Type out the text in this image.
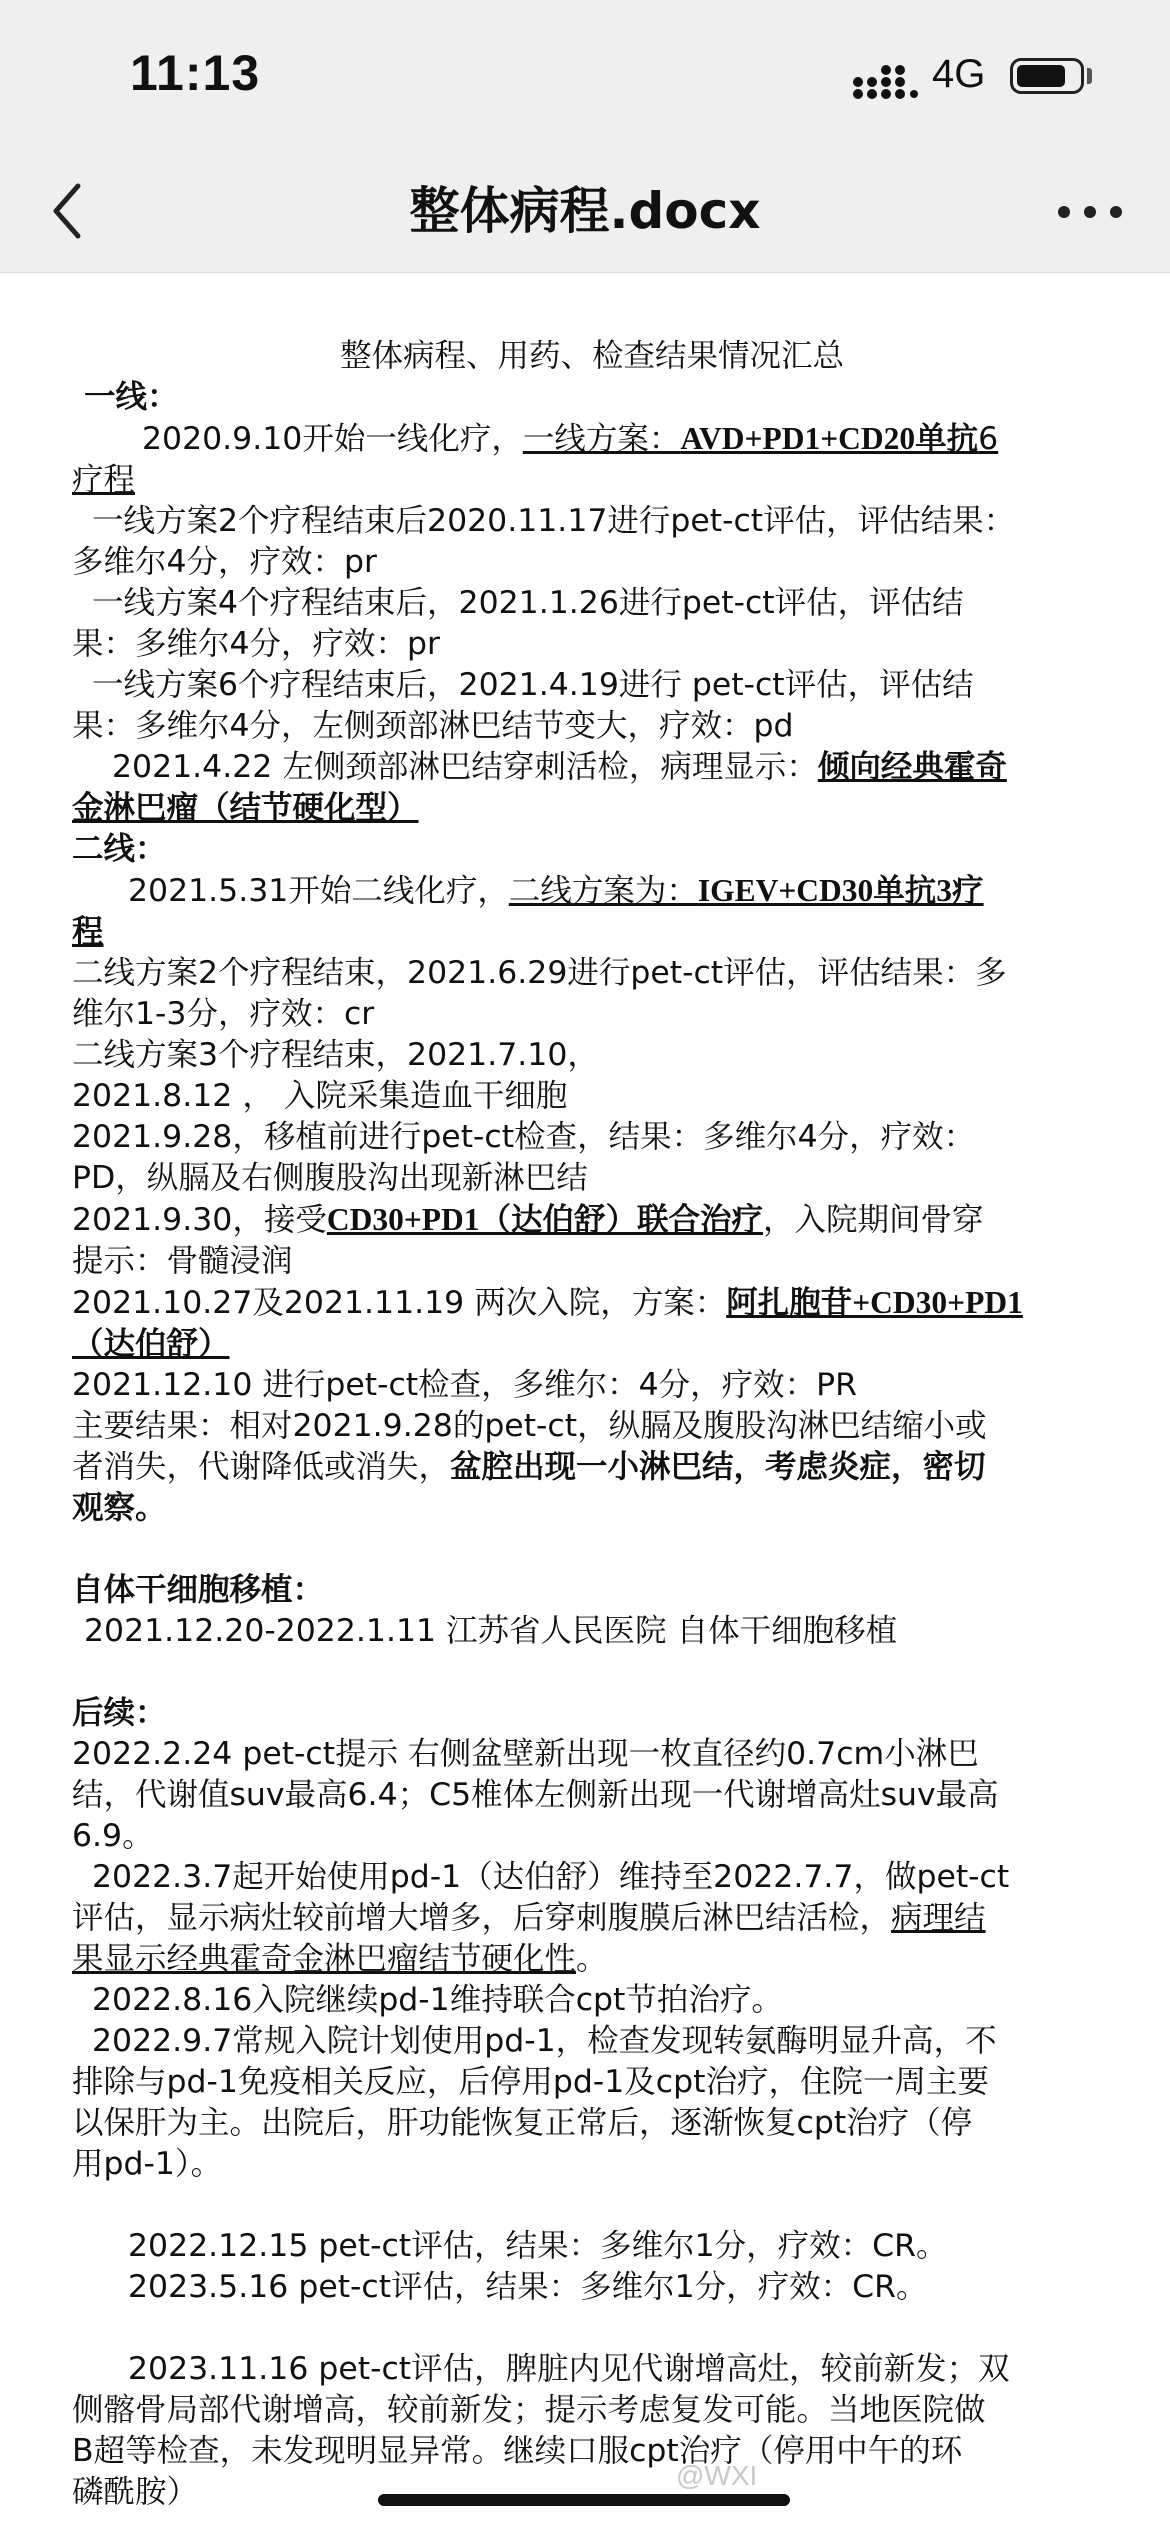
11:13	4G
整体病程.docx

整体病程、用药、检查结果情况汇总

一线：

2020.9.10开始一线化疗，一线方案：AVD+PD1+CD20单抗6

疗程

一线方案2个疗程结束后2020.11.17进行pet-ct评估，评估结果：

多维尔4分，疗效：pr

一线方案4个疗程结束后，2021.1.26进行pet-ct评估，评估结

果：多维尔4分，疗效：pr

一线方案6个疗程结束后，2021.4.19进行 pet-ct评估，评估结

果：多维尔4分，左侧颈部淋巴结节变大，疗效：pd

2021.4.22 左侧颈部淋巴结穿刺活检，病理显示：倾向经典霍奇

金淋巴瘤（结节硬化型）

二线：

2021.5.31开始二线化疗，二线方案为：IGEV+CD30单抗3疗

程

二线方案2个疗程结束，2021.6.29进行pet-ct评估，评估结果：多

维尔1-3分，疗效：cr

二线方案3个疗程结束，2021.7.10，

2021.8.12 ， 入院采集造血干细胞

2021.9.28，移植前进行pet-ct检查，结果：多维尔4分，疗效：

PD，纵膈及右侧腹股沟出现新淋巴结

2021.9.30，接受CD30+PD1（达伯舒）联合治疗，入院期间骨穿

提示：骨髓浸润

2021.10.27及2021.11.19 两次入院，方案：阿扎胞苷+CD30+PD1

（达伯舒）

2021.12.10 进行pet-ct检查，多维尔：4分，疗效：PR

主要结果：相对2021.9.28的pet-ct，纵膈及腹股沟淋巴结缩小或

者消失，代谢降低或消失，盆腔出现一小淋巴结，考虑炎症，密切

观察。

自体干细胞移植：

2021.12.20-2022.1.11 江苏省人民医院 自体干细胞移植

后续：

2022.2.24 pet-ct提示 右侧盆壁新出现一枚直径约0.7cm小淋巴

结，代谢值suv最高6.4；C5椎体左侧新出现一代谢增高灶suv最高

6.9。

2022.3.7起开始使用pd-1（达伯舒）维持至2022.7.7，做pet-ct

评估，显示病灶较前增大增多，后穿刺腹膜后淋巴结活检，病理结

果显示经典霍奇金淋巴瘤结节硬化性。

2022.8.16入院继续pd-1维持联合cpt节拍治疗。

2022.9.7常规入院计划使用pd-1，检查发现转氨酶明显升高，不

排除与pd-1免疫相关反应，后停用pd-1及cpt治疗，住院一周主要

以保肝为主。出院后，肝功能恢复正常后，逐渐恢复cpt治疗（停

用pd-1）。

2022.12.15 pet-ct评估，结果：多维尔1分，疗效：CR。

2023.5.16 pet-ct评估，结果：多维尔1分，疗效：CR。

2023.11.16 pet-ct评估，脾脏内见代谢增高灶，较前新发；双

侧髂骨局部代谢增高，较前新发；提示考虑复发可能。当地医院做

B超等检查，未发现明显异常。继续口服cpt治疗（停用中午的环

磷酰胺）	@WXI
